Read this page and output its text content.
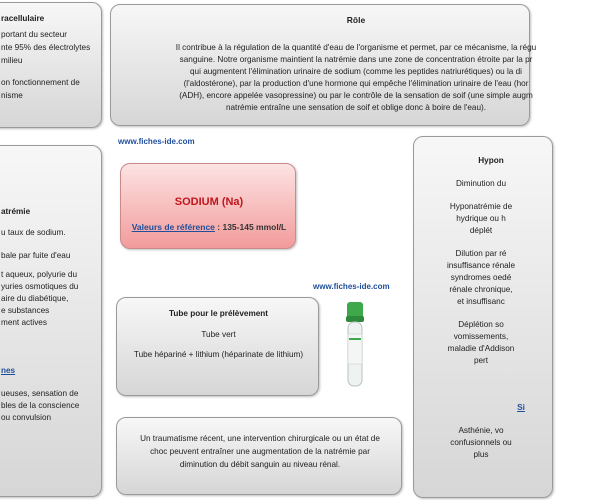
racellulaire
portant du secteur
nte 95% des électrolytes
milieu
on fonctionnement de
nisme
Rôle
Il contribue à la régulation de la quantité d'eau de l'organisme et permet, par ce mécanisme, la régu
sanguine. Notre organisme maintient la natrémie dans une zone de concentration étroite par la pr
qui augmentent l'élimination urinaire de sodium (comme les peptides natriurétiques) ou la di
(l'aldostérone), par la production d'une hormone qui empêche l'élimination urinaire de l'eau (hor
(ADH), encore appelée vasopressine) ou par le contrôle de la sensation de soif (une simple augm
natrémie entraîne une sensation de soif et oblige donc à boire de l'eau).
www.fiches-ide.com
www.fiches-ide.com
atrémie
u taux de sodium.
bale par fuite d'eau
t aqueux, polyurie du
yuries osmotiques du
aire du diabétique,
e substances
ment actives
nes
ueuses, sensation de
bles de la conscience
ou convulsion
SODIUM (Na)
Valeurs de référence : 135-145 mmol/L
Tube pour le prélèvement
Tube vert
Tube hépariné + lithium (héparinate de lithium)
Un traumatisme récent, une intervention chirurgicale ou un état de
choc peuvent entraîner une augmentation de la natrémie par
diminution du débit sanguin au niveau rénal.
Hypon
Diminution du
Hyponatrémie de
hydrique ou h
déplét
Dilution par ré
insuffisance rénale
syndromes oedé
rénale chronique,
et insuffisanc
Déplétion so
vomissements,
maladie d'Addison
pert
Si
Asthénie, vo
confusionnels ou
plus
